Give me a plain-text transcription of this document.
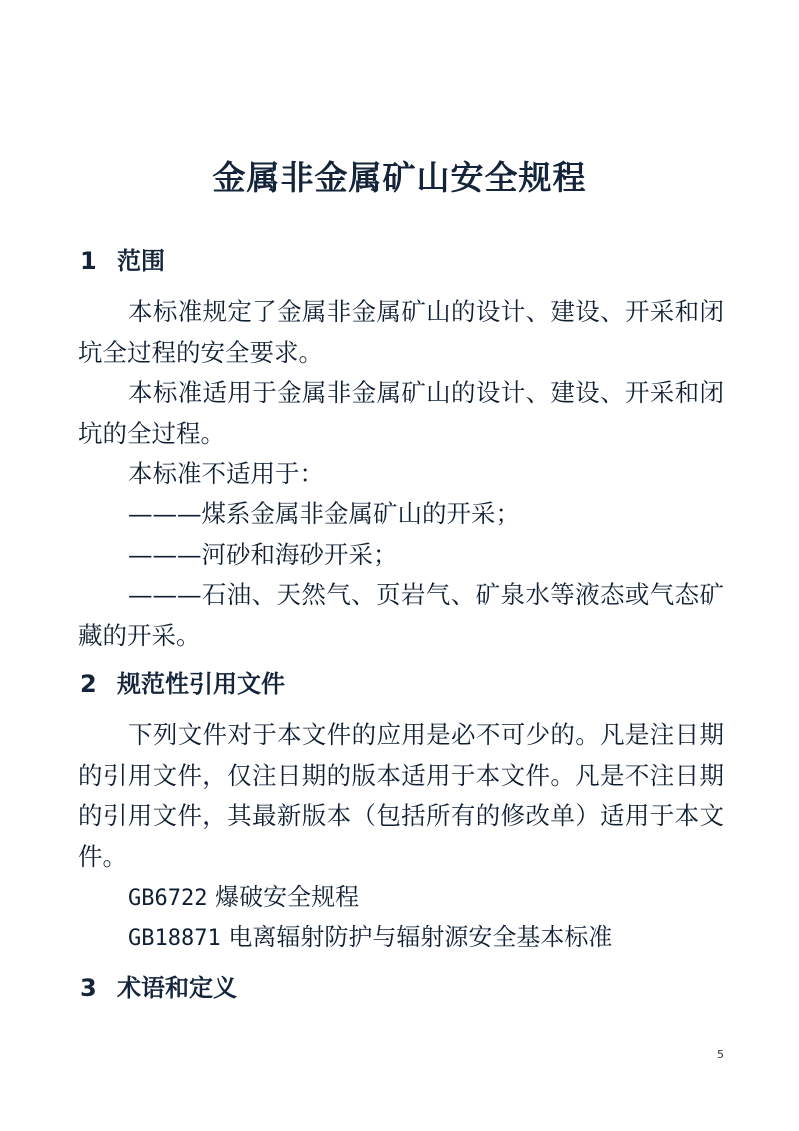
金属非金属矿山安全规程
1 范围
本标准规定了金属非金属矿山的设计、建设、开采和闭坑全过程的安全要求。
本标准适用于金属非金属矿山的设计、建设、开采和闭坑的全过程。
本标准不适用于：
———煤系金属非金属矿山的开采；
———河砂和海砂开采；
———石油、天然气、页岩气、矿泉水等液态或气态矿藏的开采。
2 规范性引用文件
下列文件对于本文件的应用是必不可少的。凡是注日期的引用文件，仅注日期的版本适用于本文件。凡是不注日期的引用文件，其最新版本（包括所有的修改单）适用于本文件。
GB6722 爆破安全规程
GB18871 电离辐射防护与辐射源安全基本标准
3 术语和定义
5
